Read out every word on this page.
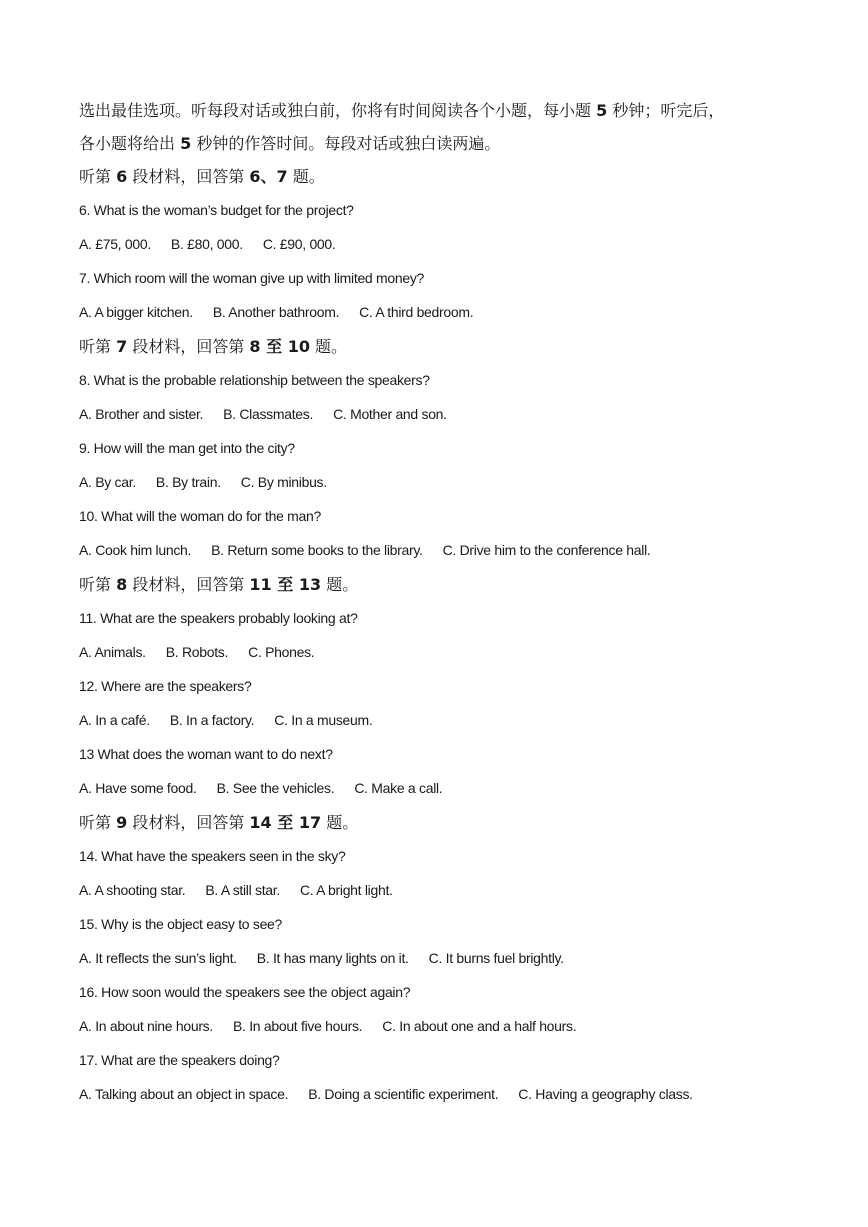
选出最佳选项。听每段对话或独白前，你将有时间阅读各个小题，每小题 5 秒钟；听完后，
各小题将给出 5 秒钟的作答时间。每段对话或独白读两遍。
听第 6 段材料，回答第 6、7 题。
6. What is the woman’s budget for the project?
A. £75, 000. B. £80, 000. C. £90, 000.
7. Which room will the woman give up with limited money?
A. A bigger kitchen. B. Another bathroom. C. A third bedroom.
听第 7 段材料，回答第 8 至 10 题。
8. What is the probable relationship between the speakers?
A. Brother and sister. B. Classmates. C. Mother and son.
9. How will the man get into the city?
A. By car. B. By train. C. By minibus.
10. What will the woman do for the man?
A. Cook him lunch. B. Return some books to the library. C. Drive him to the conference hall.
听第 8 段材料，回答第 11 至 13 题。
11. What are the speakers probably looking at?
A. Animals. B. Robots. C. Phones.
12. Where are the speakers?
A. In a café. B. In a factory. C. In a museum.
13 What does the woman want to do next?
A. Have some food. B. See the vehicles. C. Make a call.
听第 9 段材料，回答第 14 至 17 题。
14. What have the speakers seen in the sky?
A. A shooting star. B. A still star. C. A bright light.
15. Why is the object easy to see?
A. It reflects the sun’s light. B. It has many lights on it. C. It burns fuel brightly.
16. How soon would the speakers see the object again?
A. In about nine hours. B. In about five hours. C. In about one and a half hours.
17. What are the speakers doing?
A. Talking about an object in space. B. Doing a scientific experiment. C. Having a geography class.
